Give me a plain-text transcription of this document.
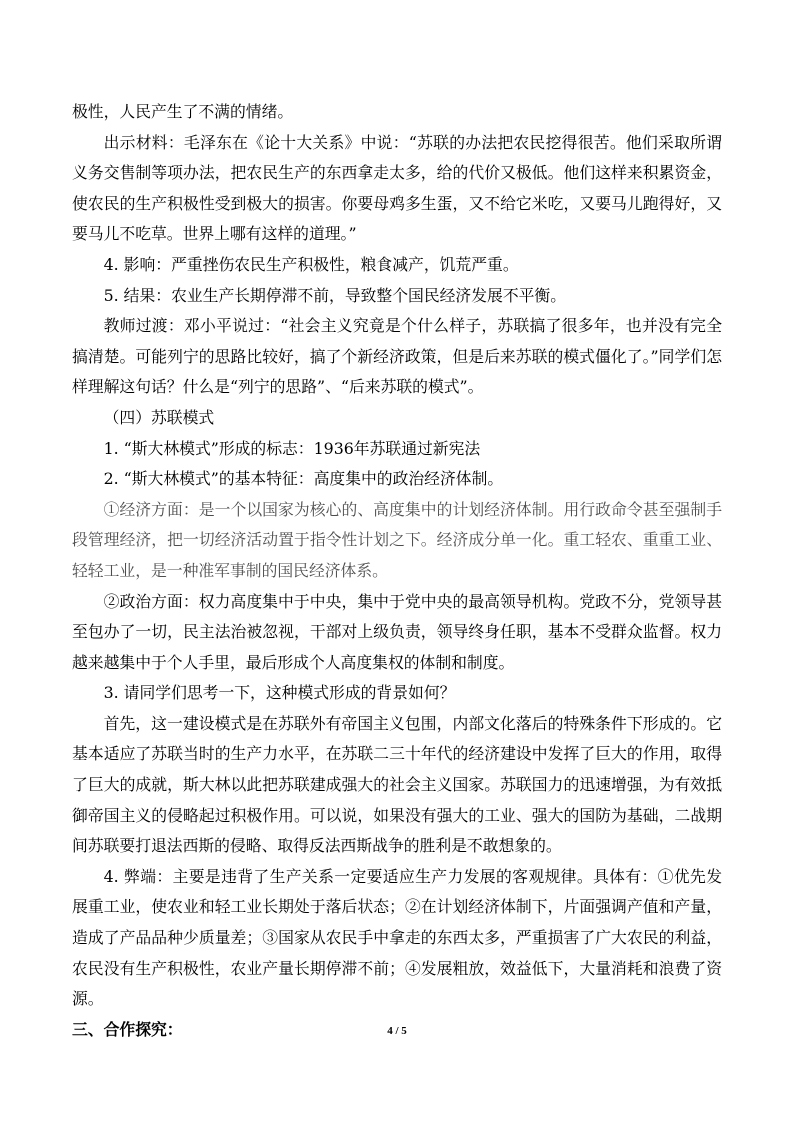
极性，人民产生了不满的情绪。

出示材料：毛泽东在《论十大关系》中说：“苏联的办法把农民挖得很苦。他们采取所谓义务交售制等项办法，把农民生产的东西拿走太多，给的代价又极低。他们这样来积累资金，使农民的生产积极性受到极大的损害。你要母鸡多生蛋，又不给它米吃，又要马儿跑得好，又要马儿不吃草。世界上哪有这样的道理。”

4. 影响：严重挫伤农民生产积极性，粮食减产，饥荒严重。

5. 结果：农业生产长期停滞不前，导致整个国民经济发展不平衡。

教师过渡：邓小平说过：“社会主义究竟是个什么样子，苏联搞了很多年，也并没有完全搞清楚。可能列宁的思路比较好，搞了个新经济政策，但是后来苏联的模式僵化了。”同学们怎样理解这句话？什么是“列宁的思路”、“后来苏联的模式”。

（四）苏联模式

1. “斯大林模式”形成的标志：1936年苏联通过新宪法

2. “斯大林模式”的基本特征：高度集中的政治经济体制。

①经济方面：是一个以国家为核心的、高度集中的计划经济体制。用行政命令甚至强制手段管理经济，把一切经济活动置于指令性计划之下。经济成分单一化。重工轻农、重重工业、轻轻工业，是一种准军事制的国民经济体系。

②政治方面：权力高度集中于中央，集中于党中央的最高领导机构。党政不分，党领导甚至包办了一切，民主法治被忽视，干部对上级负责，领导终身任职，基本不受群众监督。权力越来越集中于个人手里，最后形成个人高度集权的体制和制度。

3. 请同学们思考一下，这种模式形成的背景如何？

首先，这一建设模式是在苏联外有帝国主义包围，内部文化落后的特殊条件下形成的。它基本适应了苏联当时的生产力水平，在苏联二三十年代的经济建设中发挥了巨大的作用，取得了巨大的成就，斯大林以此把苏联建成强大的社会主义国家。苏联国力的迅速增强，为有效抵御帝国主义的侵略起过积极作用。可以说，如果没有强大的工业、强大的国防为基础，二战期间苏联要打退法西斯的侵略、取得反法西斯战争的胜利是不敢想象的。

4. 弊端：主要是违背了生产关系一定要适应生产力发展的客观规律。具体有：①优先发展重工业，使农业和轻工业长期处于落后状态；②在计划经济体制下，片面强调产值和产量，造成了产品品种少质量差；③国家从农民手中拿走的东西太多，严重损害了广大农民的利益，农民没有生产积极性，农业产量长期停滞不前；④发展粗放，效益低下，大量消耗和浪费了资源。

三、合作探究：	4 / 5
